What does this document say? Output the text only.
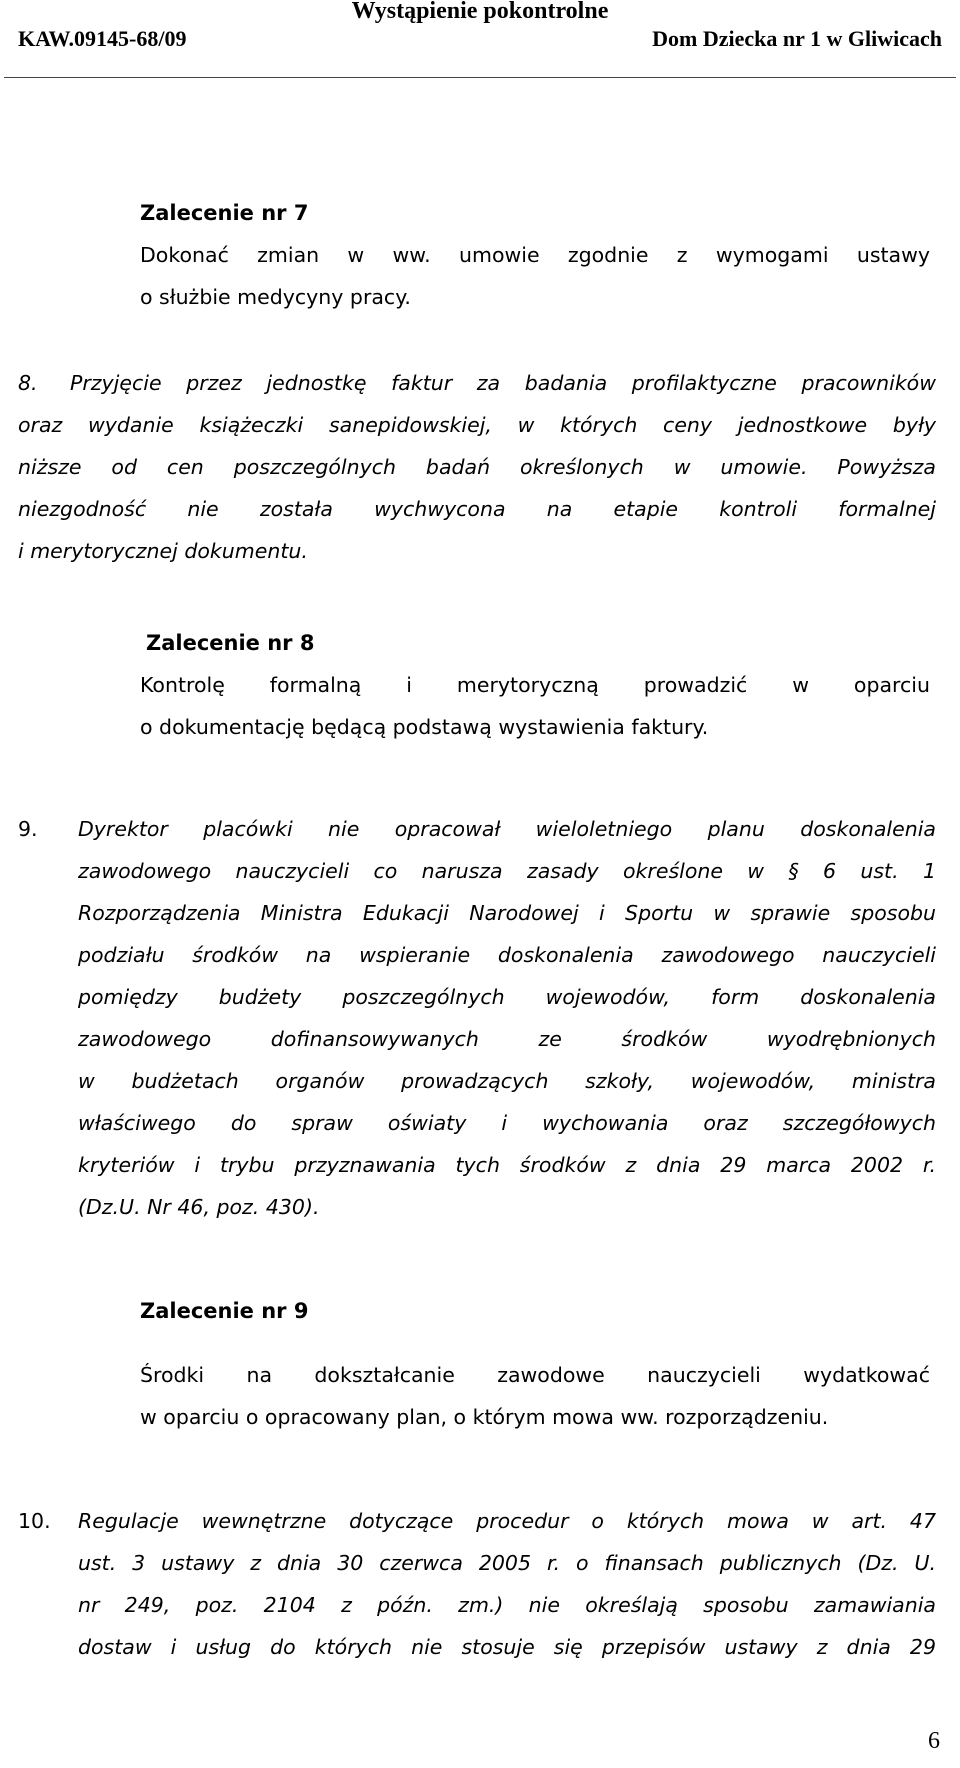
Wystąpienie pokontrolne
KAW.09145-68/09	Dom Dziecka nr 1 w Gliwicach
Zalecenie nr 7
Dokonać zmian w ww. umowie zgodnie z wymogami ustawy
o służbie medycyny pracy.
8. Przyjęcie przez jednostkę faktur za badania profilaktyczne pracowników
oraz wydanie książeczki sanepidowskiej, w których ceny jednostkowe były
niższe od cen poszczególnych badań określonych w umowie. Powyższa
niezgodność nie została wychwycona na etapie kontroli formalnej
i merytorycznej dokumentu.
Zalecenie nr 8
Kontrolę formalną i merytoryczną prowadzić w oparciu
o dokumentację będącą podstawą wystawienia faktury.
9. Dyrektor placówki nie opracował wieloletniego planu doskonalenia
zawodowego nauczycieli co narusza zasady określone w § 6 ust. 1
Rozporządzenia Ministra Edukacji Narodowej i Sportu w sprawie sposobu
podziału środków na wspieranie doskonalenia zawodowego nauczycieli
pomiędzy budżety poszczególnych wojewodów, form doskonalenia
zawodowego dofinansowywanych ze środków wyodrębnionych
w budżetach organów prowadzących szkoły, wojewodów, ministra
właściwego do spraw oświaty i wychowania oraz szczegółowych
kryteriów i trybu przyznawania tych środków z dnia 29 marca 2002 r.
(Dz.U. Nr 46, poz. 430).
Zalecenie nr 9
Środki na dokształcanie zawodowe nauczycieli wydatkować
w oparciu o opracowany plan, o którym mowa ww. rozporządzeniu.
10. Regulacje wewnętrzne dotyczące procedur o których mowa w art. 47
ust. 3 ustawy z dnia 30 czerwca 2005 r. o finansach publicznych (Dz. U.
nr 249, poz. 2104 z późn. zm.) nie określają sposobu zamawiania
dostaw i usług do których nie stosuje się przepisów ustawy z dnia 29
6
